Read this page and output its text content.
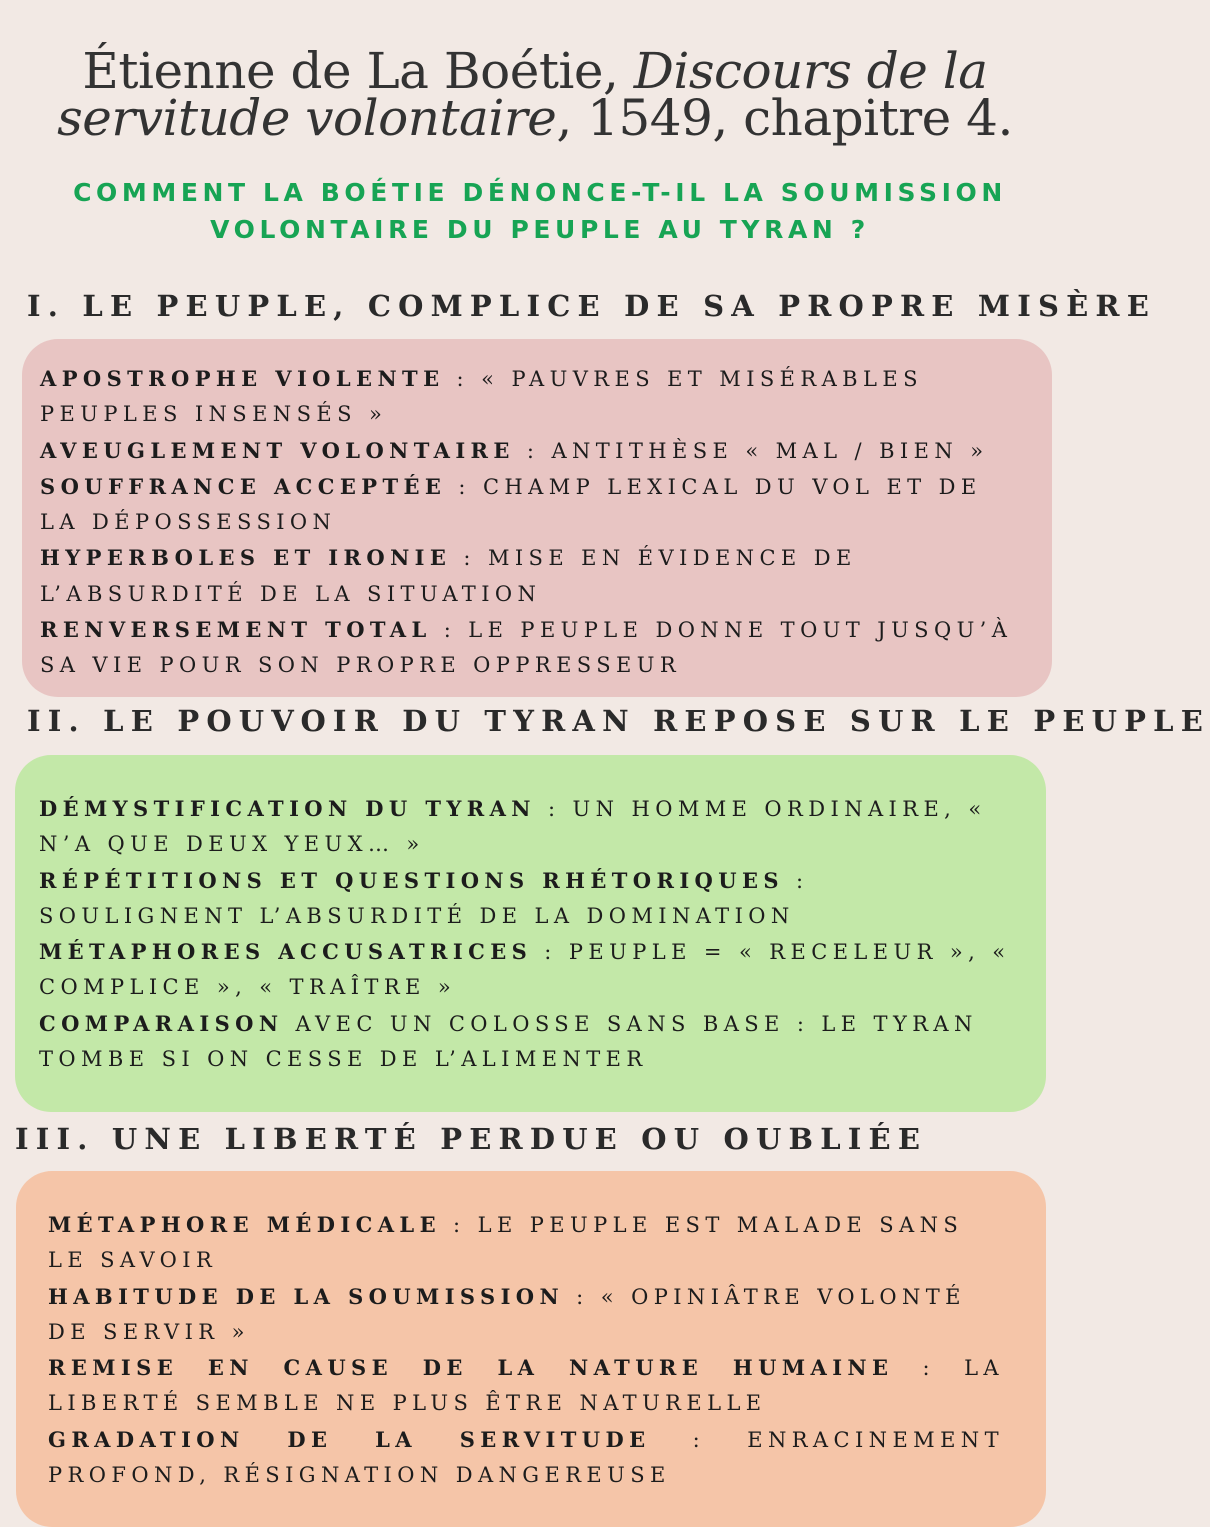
Étienne de La Boétie, Discours de la servitude volontaire, 1549, chapitre 4.

COMMENT LA BOÉTIE DÉNONCE-T-IL LA SOUMISSION VOLONTAIRE DU PEUPLE AU TYRAN ?

I. LE PEUPLE, COMPLICE DE SA PROPRE MISÈRE

APOSTROPHE VIOLENTE : « PAUVRES ET MISÉRABLES PEUPLES INSENSÉS »

AVEUGLEMENT VOLONTAIRE : ANTITHÈSE « MAL / BIEN »

SOUFFRANCE ACCEPTÉE : CHAMP LEXICAL DU VOL ET DE LA DÉPOSSESSION

HYPERBOLES ET IRONIE : MISE EN ÉVIDENCE DE L’ABSURDITÉ DE LA SITUATION

RENVERSEMENT TOTAL : LE PEUPLE DONNE TOUT JUSQU’À SA VIE POUR SON PROPRE OPPRESSEUR

II. LE POUVOIR DU TYRAN REPOSE SUR LE PEUPLE

DÉMYSTIFICATION DU TYRAN : UN HOMME ORDINAIRE, « N’A QUE DEUX YEUX… »

RÉPÉTITIONS ET QUESTIONS RHÉTORIQUES : SOULIGNENT L’ABSURDITÉ DE LA DOMINATION

MÉTAPHORES ACCUSATRICES : PEUPLE = « RECELEUR », « COMPLICE », « TRAÎTRE »

COMPARAISON AVEC UN COLOSSE SANS BASE : LE TYRAN TOMBE SI ON CESSE DE L’ALIMENTER

III. UNE LIBERTÉ PERDUE OU OUBLIÉE

MÉTAPHORE MÉDICALE : LE PEUPLE EST MALADE SANS LE SAVOIR

HABITUDE DE LA SOUMISSION : « OPINIÂTRE VOLONTÉ DE SERVIR »

REMISE EN CAUSE DE LA NATURE HUMAINE : LA LIBERTÉ SEMBLE NE PLUS ÊTRE NATURELLE

GRADATION DE LA SERVITUDE : ENRACINEMENT PROFOND, RÉSIGNATION DANGEREUSE
